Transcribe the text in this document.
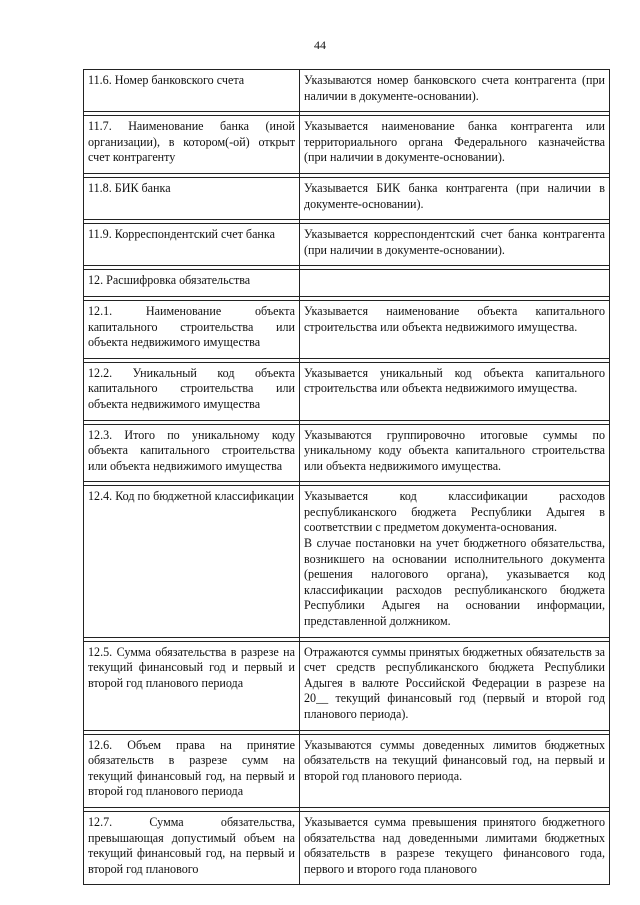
44
11.6. Номер банковского счета	Указываются номер банковского счета контрагента (при наличии в документе-основании).

11.7. Наименование банка (иной организации), в котором(-ой) открыт счет контрагенту	Указывается наименование банка контрагента или территориального органа Федерального казначейства (при наличии в документе-основании).

11.8. БИК банка	Указывается БИК банка контрагента (при наличии в документе-основании).

11.9. Корреспондентский счет банка	Указывается корреспондентский счет банка контрагента (при наличии в документе-основании).

12. Расшифровка обязательства	

12.1. Наименование объекта капитального строительства или объекта недвижимого имущества	Указывается наименование объекта капитального строительства или объекта недвижимого имущества.

12.2. Уникальный код объекта капитального строительства или объекта недвижимого имущества	Указывается уникальный код объекта капитального строительства или объекта недвижимого имущества.

12.3. Итого по уникальному коду объекта капитального строительства или объекта недвижимого имущества	Указываются группировочно итоговые суммы по уникальному коду объекта капитального строительства или объекта недвижимого имущества.

12.4. Код по бюджетной классификации	Указывается код классификации расходов республиканского бюджета Республики Адыгея в соответствии с предметом документа-основания.
В случае постановки на учет бюджетного обязательства, возникшего на основании исполнительного документа (решения налогового органа), указывается код классификации расходов республиканского бюджета Республики Адыгея на основании информации, представленной должником.

12.5. Сумма обязательства в разрезе на текущий финансовый год и первый и второй год планового периода	Отражаются суммы принятых бюджетных обязательств за счет средств республиканского бюджета Республики Адыгея в валюте Российской Федерации в разрезе на 20__ текущий финансовый год (первый и второй год планового периода).

12.6. Объем права на принятие обязательств в разрезе сумм на текущий финансовый год, на первый и второй год планового периода	Указываются суммы доведенных лимитов бюджетных обязательств на текущий финансовый год, на первый и второй год планового периода.

12.7. Сумма обязательства, превышающая допустимый объем на текущий финансовый год, на первый и второй год планового	Указывается сумма превышения принятого бюджетного обязательства над доведенными лимитами бюджетных обязательств в разрезе текущего финансового года, первого и второго года планового
